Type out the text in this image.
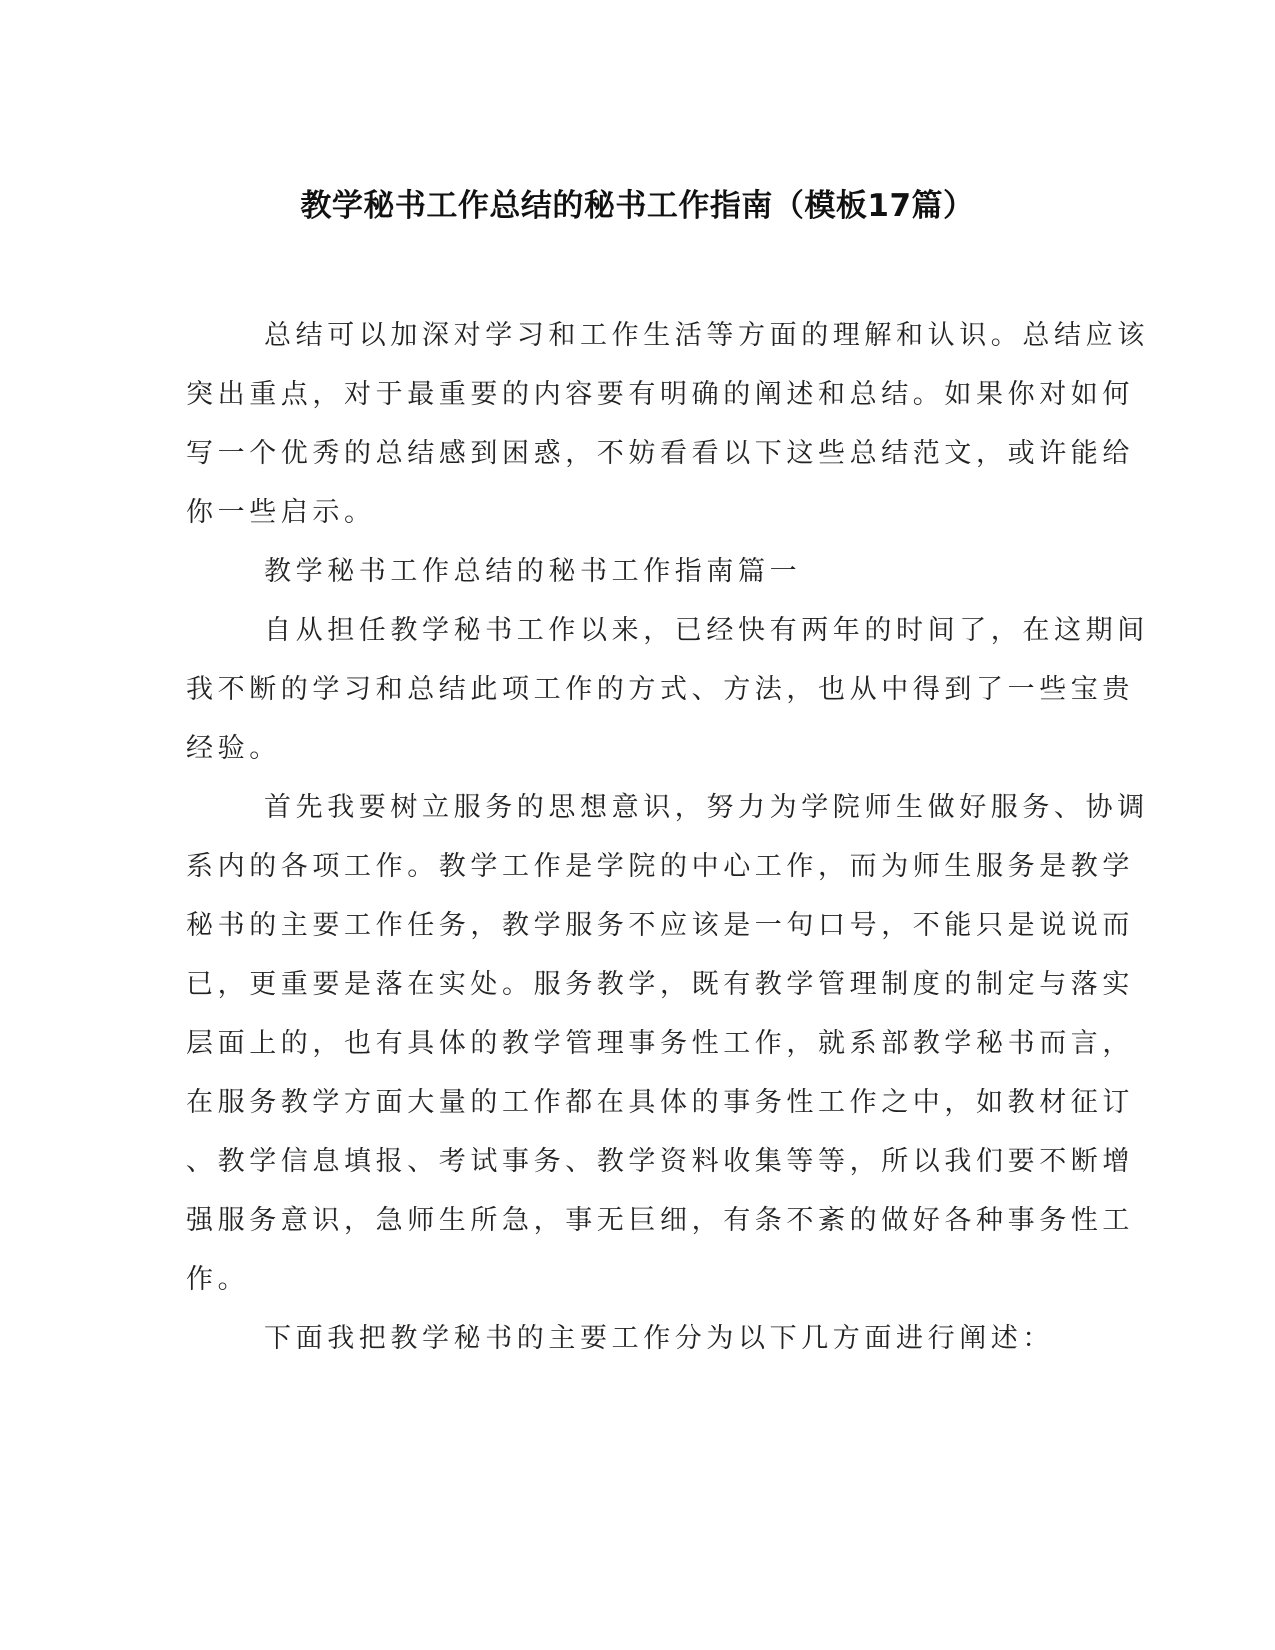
教学秘书工作总结的秘书工作指南（模板17篇）
总结可以加深对学习和工作生活等方面的理解和认识。总结应该
突出重点，对于最重要的内容要有明确的阐述和总结。如果你对如何
写一个优秀的总结感到困惑，不妨看看以下这些总结范文，或许能给
你一些启示。
教学秘书工作总结的秘书工作指南篇一
自从担任教学秘书工作以来，已经快有两年的时间了，在这期间
我不断的学习和总结此项工作的方式、方法，也从中得到了一些宝贵
经验。
首先我要树立服务的思想意识，努力为学院师生做好服务、协调
系内的各项工作。教学工作是学院的中心工作，而为师生服务是教学
秘书的主要工作任务，教学服务不应该是一句口号，不能只是说说而
已，更重要是落在实处。服务教学，既有教学管理制度的制定与落实
层面上的，也有具体的教学管理事务性工作，就系部教学秘书而言，
在服务教学方面大量的工作都在具体的事务性工作之中，如教材征订
、教学信息填报、考试事务、教学资料收集等等，所以我们要不断增
强服务意识，急师生所急，事无巨细，有条不紊的做好各种事务性工
作。
下面我把教学秘书的主要工作分为以下几方面进行阐述：
